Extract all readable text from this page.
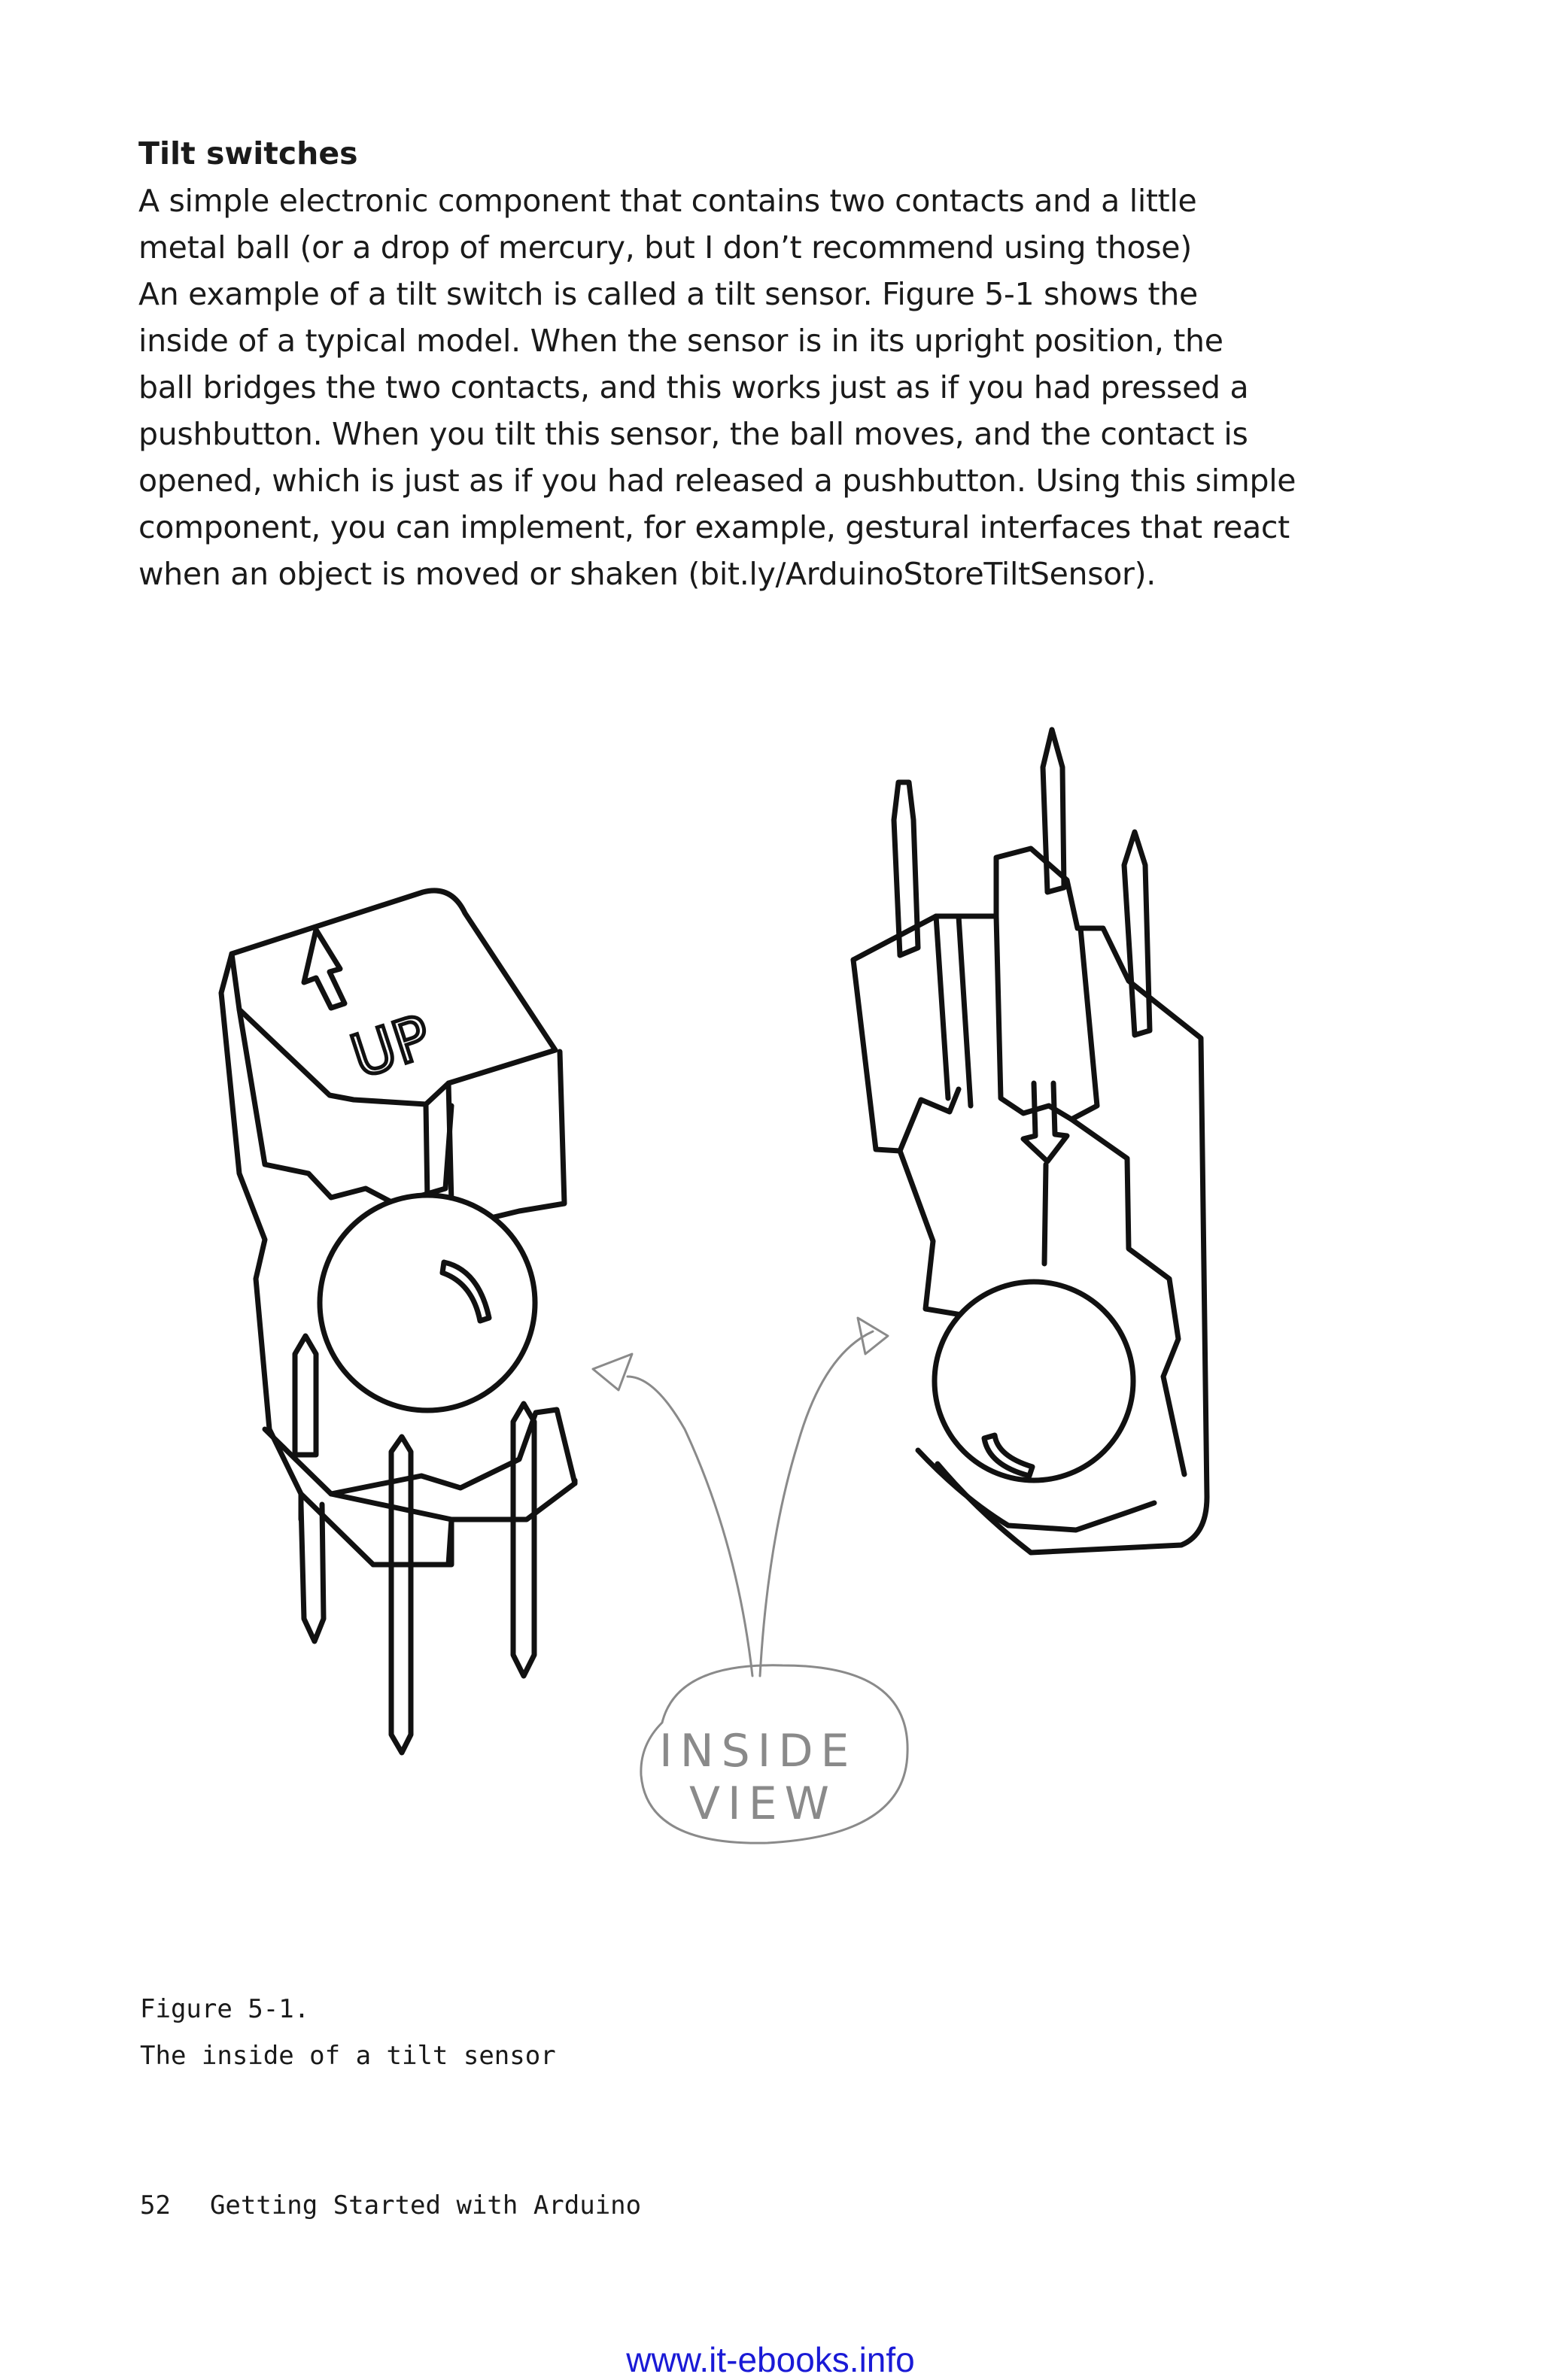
Tilt switches

A simple electronic component that contains two contacts and a little

metal ball (or a drop of mercury, but I don’t recommend using those)

An example of a tilt switch is called a tilt sensor. Figure 5-1 shows the

inside of a typical model. When the sensor is in its upright position, the

ball bridges the two contacts, and this works just as if you had pressed a

pushbutton. When you tilt this sensor, the ball moves, and the contact is

opened, which is just as if you had released a pushbutton. Using this simple

component, you can implement, for example, gestural interfaces that react

when an object is moved or shaken (bit.ly/ArduinoStoreTiltSensor).

UP
INSIDE
VIEW
Figure 5-1.
The inside of a tilt sensor
52 Getting Started with Arduino
www.it-ebooks.info
